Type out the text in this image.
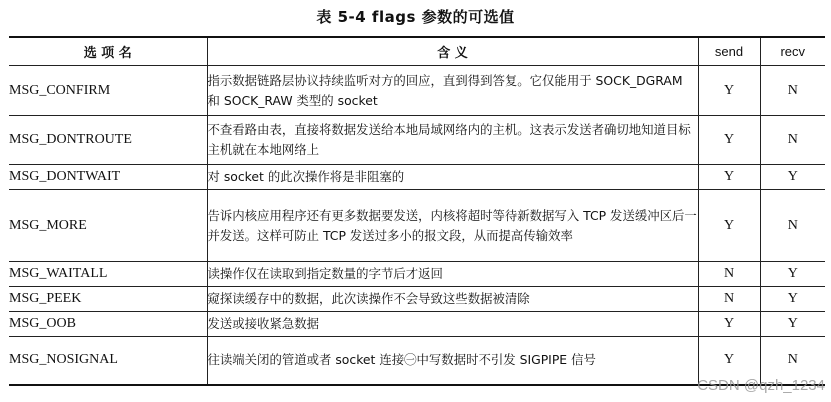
表 5-4 flags 参数的可选值
选 项 名	含 义	send	recv
MSG_CONFIRM	指示数据链路层协议持续监听对方的回应，直到得到答复。它仅能用于 SOCK_DGRAM 和 SOCK_RAW 类型的 socket	Y	N
MSG_DONTROUTE	不查看路由表，直接将数据发送给本地局域网络内的主机。这表示发送者确切地知道目标主机就在本地网络上	Y	N
MSG_DONTWAIT	对 socket 的此次操作将是非阻塞的	Y	Y
MSG_MORE	告诉内核应用程序还有更多数据要发送，内核将超时等待新数据写入 TCP 发送缓冲区后一并发送。这样可防止 TCP 发送过多小的报文段，从而提高传输效率	Y	N
MSG_WAITALL	读操作仅在读取到指定数量的字节后才返回	N	Y
MSG_PEEK	窥探读缓存中的数据，此次读操作不会导致这些数据被清除	N	Y
MSG_OOB	发送或接收紧急数据	Y	Y
MSG_NOSIGNAL	往读端关闭的管道或者 socket 连接㊀中写数据时不引发 SIGPIPE 信号	Y	N
CSDN @qzh_1234
